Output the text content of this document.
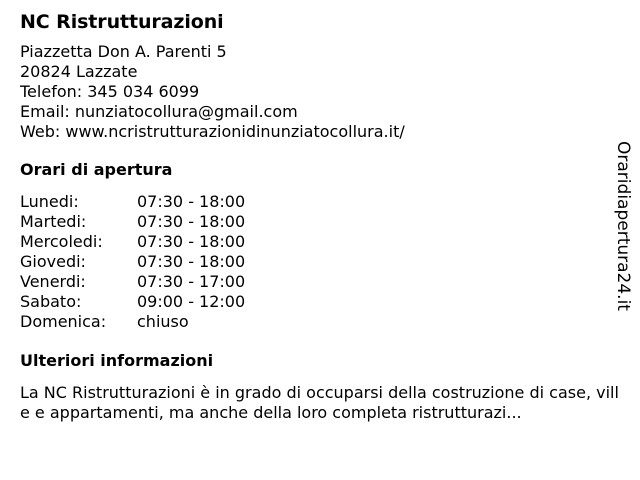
NC Ristrutturazioni
Piazzetta Don A. Parenti 5
20824 Lazzate
Telefon: 345 034 6099
Email: nunziatocollura@gmail.com
Web: www.ncristrutturazionidinunziatocollura.it/
Orari di apertura
Lunedi:	07:30 - 18:00
Martedi:	07:30 - 18:00
Mercoledi:	07:30 - 18:00
Giovedi:	07:30 - 18:00
Venerdi:	07:30 - 17:00
Sabato:	09:00 - 12:00
Domenica:	chiuso
Ulteriori informazioni
La NC Ristrutturazioni è in grado di occuparsi della costruzione di case, ville e appartamenti, ma anche della loro completa ristrutturazi...
Oraridiapertura24.it
